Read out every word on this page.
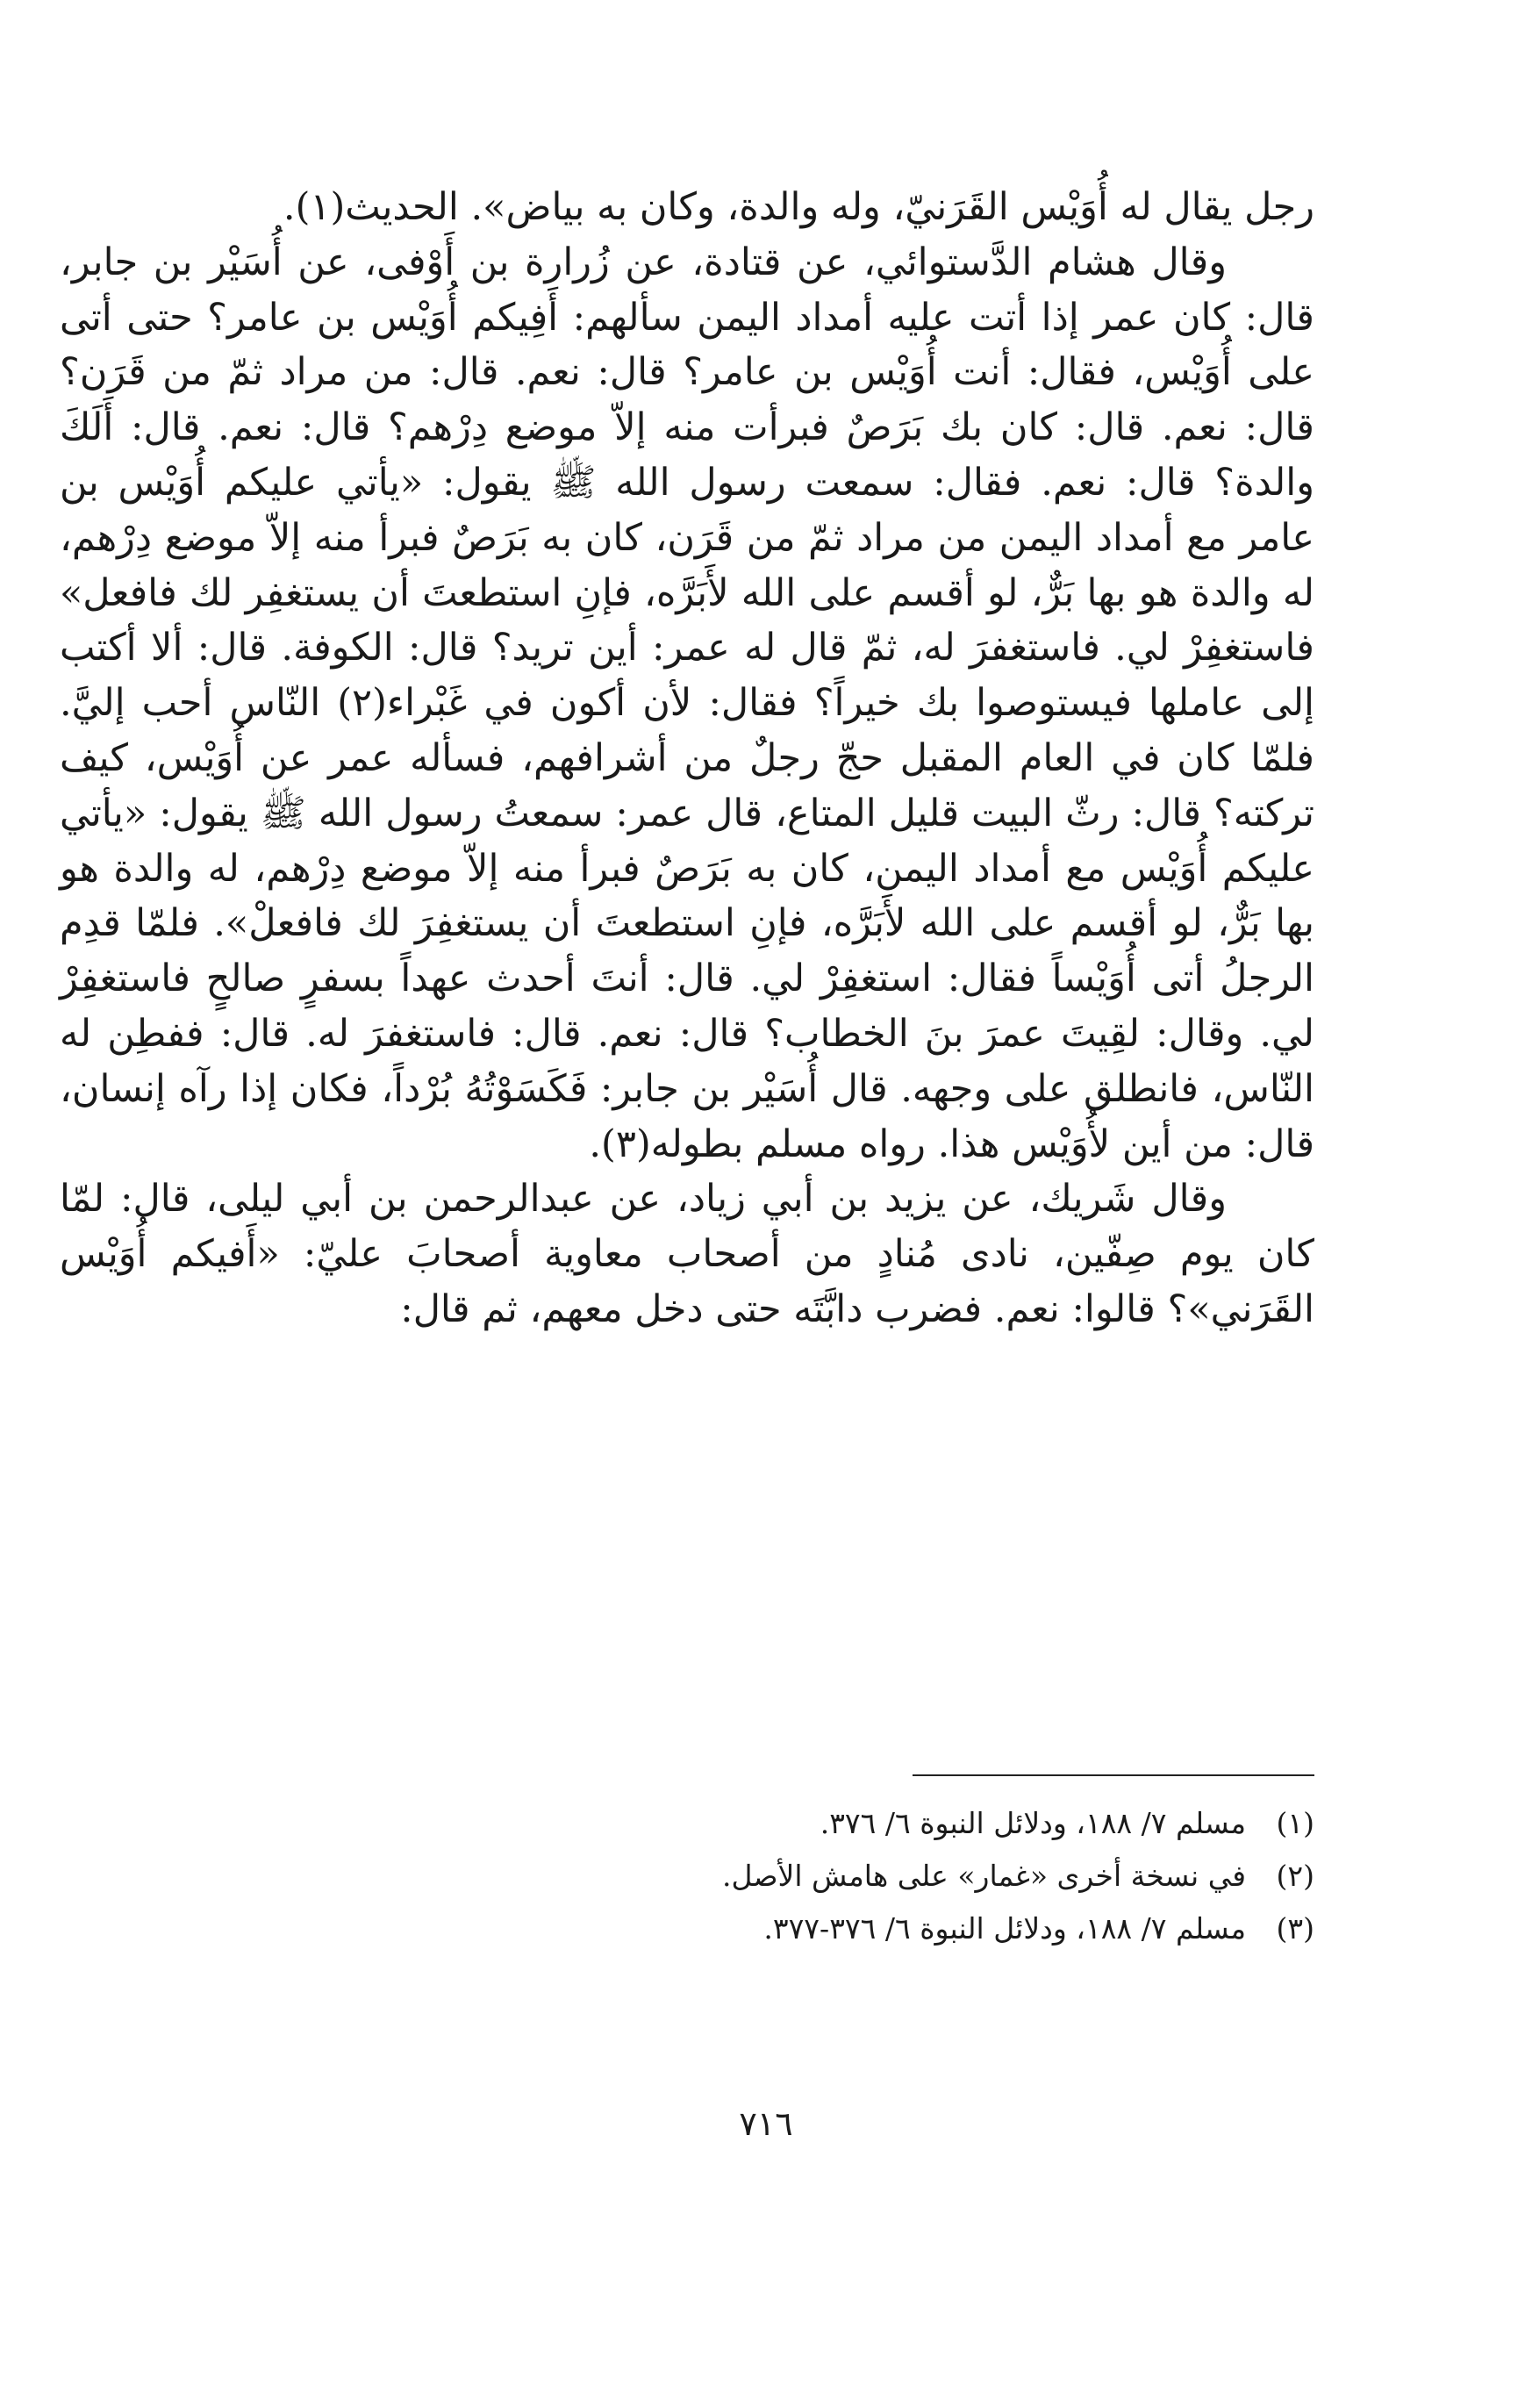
رجل يقال له أُوَيْس القَرَنيّ، وله والدة، وكان به بياض». الحديث(١).

وقال هشام الدَّستوائي، عن قتادة، عن زُرارة بن أَوْفى، عن أُسَيْر بن جابر، قال: كان عمر إذا أتت عليه أمداد اليمن سألهم: أَفِيكم أُوَيْس بن عامر؟ حتى أتى على أُوَيْس، فقال: أنت أُوَيْس بن عامر؟ قال: نعم. قال: من مراد ثمّ من قَرَن؟ قال: نعم. قال: كان بك بَرَصٌ فبرأت منه إلاّ موضع دِرْهم؟ قال: نعم. قال: أَلَكَ والدة؟ قال: نعم. فقال: سمعت رسول الله ﷺ يقول: «يأتي عليكم أُوَيْس بن عامر مع أمداد اليمن من مراد ثمّ من قَرَن، كان به بَرَصٌ فبرأ منه إلاّ موضع دِرْهم، له والدة هو بها بَرٌّ، لو أقسم على الله لأَبَرَّه، فإنِ استطعتَ أن يستغفِر لك فافعل» فاستغفِرْ لي. فاستغفرَ له، ثمّ قال له عمر: أين تريد؟ قال: الكوفة. قال: ألا أكتب إلى عاملها فيستوصوا بك خيراً؟ فقال: لأن أكون في غَبْراء(٢) النّاس أحب إليَّ. فلمّا كان في العام المقبل حجّ رجلٌ من أشرافهم، فسأله عمر عن أُوَيْس، كيف تركته؟ قال: رثّ البيت قليل المتاع، قال عمر: سمعتُ رسول الله ﷺ يقول: «يأتي عليكم أُوَيْس مع أمداد اليمن، كان به بَرَصٌ فبرأ منه إلاّ موضع دِرْهم، له والدة هو بها بَرٌّ، لو أقسم على الله لأَبَرَّه، فإنِ استطعتَ أن يستغفِرَ لك فافعلْ». فلمّا قدِم الرجلُ أتى أُوَيْساً فقال: استغفِرْ لي. قال: أنتَ أحدث عهداً بسفرٍ صالحٍ فاستغفِرْ لي. وقال: لقِيتَ عمرَ بنَ الخطاب؟ قال: نعم. قال: فاستغفرَ له. قال: ففطِن له النّاس، فانطلق على وجهه. قال أُسَيْر بن جابر: فَكَسَوْتُهُ بُرْداً، فكان إذا رآه إنسان، قال: من أين لأُوَيْس هذا. رواه مسلم بطوله(٣).

وقال شَريك، عن يزيد بن أبي زياد، عن عبدالرحمن بن أبي ليلى، قال: لمّا كان يوم صِفّين، نادى مُنادٍ من أصحاب معاوية أصحابَ عليّ: «أَفيكم أُوَيْس القَرَني»؟ قالوا: نعم. فضرب دابَّتَه حتى دخل معهم، ثم قال:

(١)مسلم ٧/ ١٨٨، ودلائل النبوة ٦/ ٣٧٦.

(٢)في نسخة أخرى «غمار» على هامش الأصل.

(٣)مسلم ٧/ ١٨٨، ودلائل النبوة ٦/ ٣٧٦-٣٧٧.

٧١٦
